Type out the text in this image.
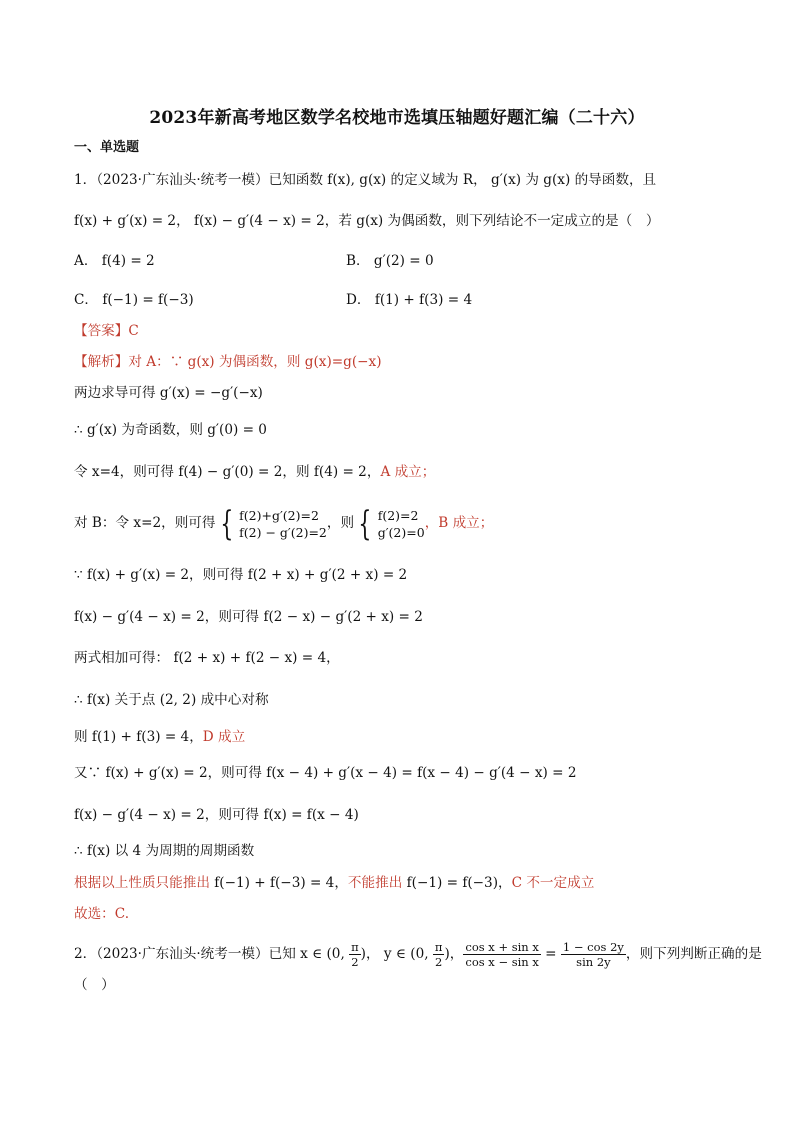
2023年新高考地区数学名校地市选填压轴题好题汇编（二十六）
一、单选题
1．（2023·广东汕头·统考一模）已知函数 f(x), g(x) 的定义域为 R， g′(x) 为 g(x) 的导函数，且
f(x) + g′(x) = 2， f(x) − g′(4 − x) = 2，若 g(x) 为偶函数，则下列结论不一定成立的是（　）
A． f(4) = 2	B． g′(2) = 0
C． f(−1) = f(−3)	D． f(1) + f(3) = 4
【答案】C
【解析】对 A：∵ g(x) 为偶函数，则 g(x)=g(−x)
两边求导可得 g′(x) = −g′(−x)
∴ g′(x) 为奇函数，则 g′(0) = 0
令 x=4，则可得 f(4) − g′(0) = 2，则 f(4) = 2，A 成立；
对 B：令 x=2，则可得 { f(2)+g′(2)=2
f(2) − g′(2)=2
，则 { f(2)=2
g′(2)=0
，B 成立；
∵ f(x) + g′(x) = 2，则可得 f(2 + x) + g′(2 + x) = 2
f(x) − g′(4 − x) = 2，则可得 f(2 − x) − g′(2 + x) = 2
两式相加可得： f(2 + x) + f(2 − x) = 4，
∴ f(x) 关于点 (2, 2) 成中心对称
则 f(1) + f(3) = 4，D 成立
又∵ f(x) + g′(x) = 2，则可得 f(x − 4) + g′(x − 4) = f(x − 4) − g′(4 − x) = 2
f(x) − g′(4 − x) = 2，则可得 f(x) = f(x − 4)
∴ f(x) 以 4 为周期的周期函数
根据以上性质只能推出 f(−1) + f(−3) = 4，不能推出 f(−1) = f(−3)，C 不一定成立
故选：C.
2．（2023·广东汕头·统考一模）已知 x ∈ (0, $\frac{\pi}{2}$ )， y ∈ (0, $\frac{\pi}{2}$ )， $\frac{\text{cos x + sin x}}{\text{cos x − sin x}} = \frac{1 - \cos 2y}{\sin 2y}$ ，则下列判断正确的是
（　）
